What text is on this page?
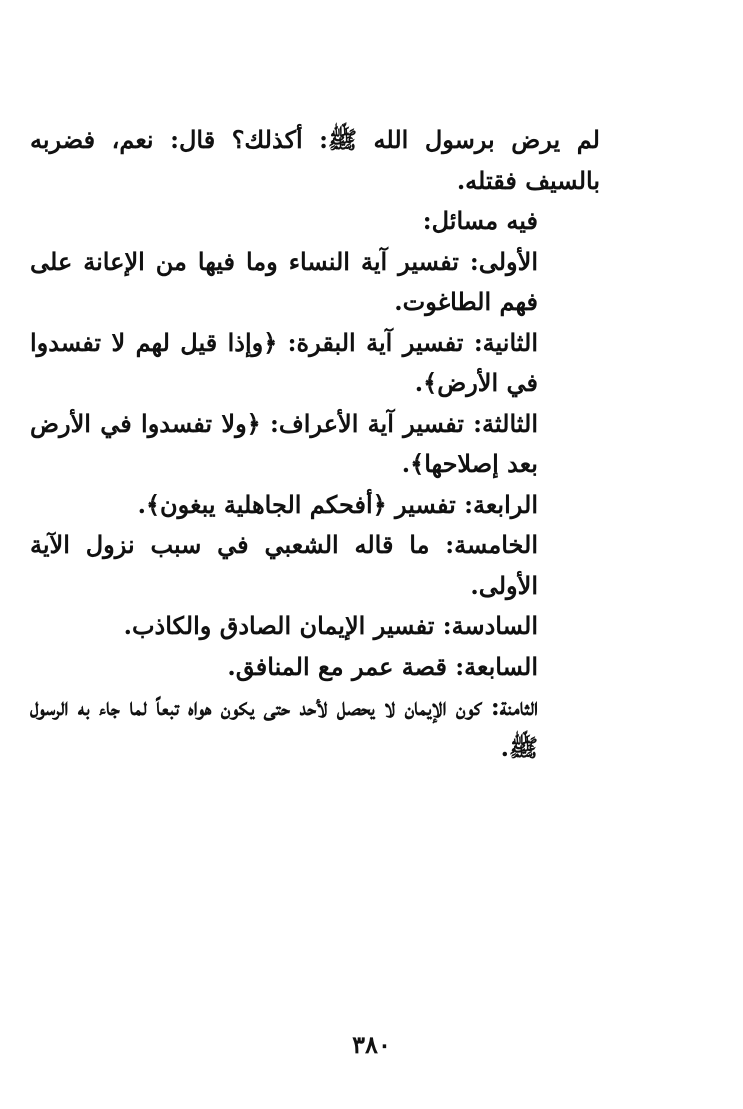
لم يرض برسول الله ﷺ: أكذلك؟ قال: نعم، فضربه بالسيف فقتله.

فيه مسائل:

الأولى: تفسير آية النساء وما فيها من الإعانة على فهم الطاغوت.

الثانية: تفسير آية البقرة: ﴿وإذا قيل لهم لا تفسدوا في الأرض﴾.

الثالثة: تفسير آية الأعراف: ﴿ولا تفسدوا في الأرض بعد إصلاحها﴾.

الرابعة: تفسير ﴿أفحكم الجاهلية يبغون﴾.

الخامسة: ما قاله الشعبي في سبب نزول الآية الأولى.

السادسة: تفسير الإيمان الصادق والكاذب.

السابعة: قصة عمر مع المنافق.

الثامنة: كون الإيمان لا يحصل لأحد حتى يكون هواه تبعاً لما جاء به الرسول ﷺ.

٣٨٠
